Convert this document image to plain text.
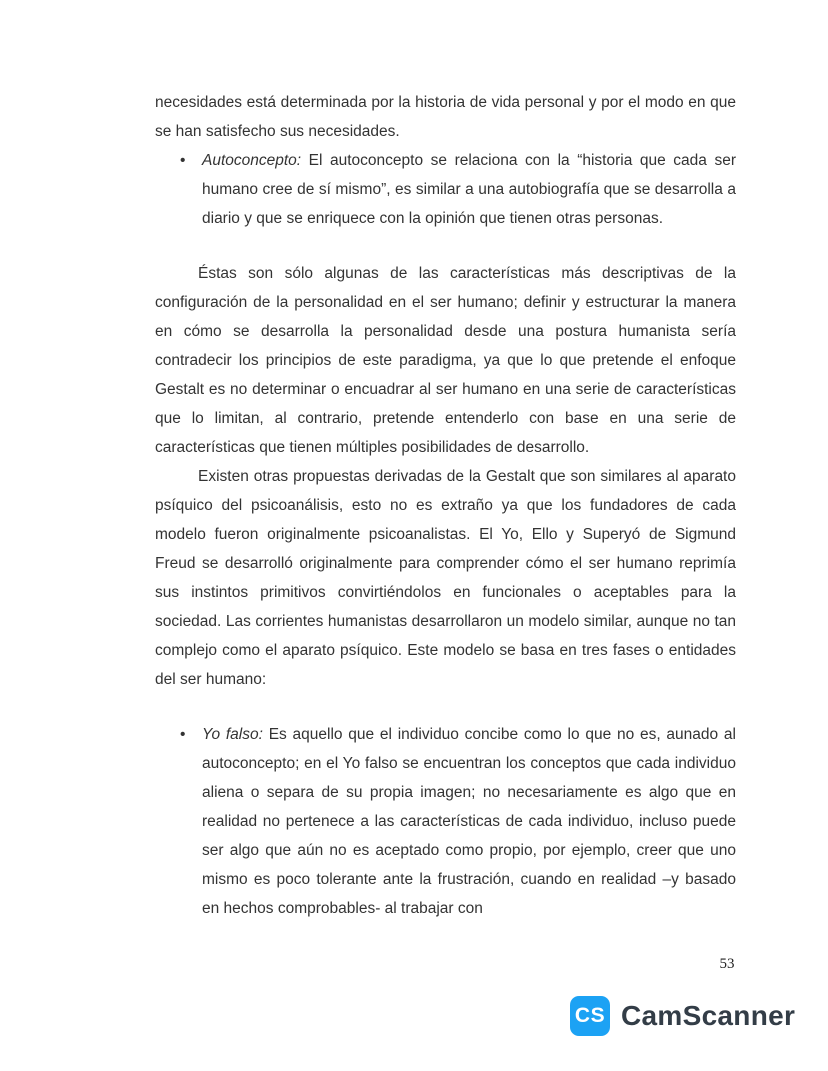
necesidades está determinada por la historia de vida personal y por el modo en que se han satisfecho sus necesidades.

•

Autoconcepto: El autoconcepto se relaciona con la “historia que cada ser humano cree de sí mismo”, es similar a una autobiografía que se desarrolla a diario y que se enriquece con la opinión que tienen otras personas.

Éstas son sólo algunas de las características más descriptivas de la configuración de la personalidad en el ser humano; definir y estructurar la manera en cómo se desarrolla la personalidad desde una postura humanista sería contradecir los principios de este paradigma, ya que lo que pretende el enfoque Gestalt es no determinar o encuadrar al ser humano en una serie de características que lo limitan, al contrario, pretende entenderlo con base en una serie de características que tienen múltiples posibilidades de desarrollo.

Existen otras propuestas derivadas de la Gestalt que son similares al aparato psíquico del psicoanálisis, esto no es extraño ya que los fundadores de cada modelo fueron originalmente psicoanalistas. El Yo, Ello y Superyó de Sigmund Freud se desarrolló originalmente para comprender cómo el ser humano reprimía sus instintos primitivos convirtiéndolos en funcionales o aceptables para la sociedad. Las corrientes humanistas desarrollaron un modelo similar, aunque no tan complejo como el aparato psíquico. Este modelo se basa en tres fases o entidades del ser humano:

•

Yo falso: Es aquello que el individuo concibe como lo que no es, aunado al autoconcepto; en el Yo falso se encuentran los conceptos que cada individuo aliena o separa de su propia imagen; no necesariamente es algo que en realidad no pertenece a las características de cada individuo, incluso puede ser algo que aún no es aceptado como propio, por ejemplo, creer que uno mismo es poco tolerante ante la frustración, cuando en realidad –y basado en hechos comprobables- al trabajar con

53
CS CamScanner
